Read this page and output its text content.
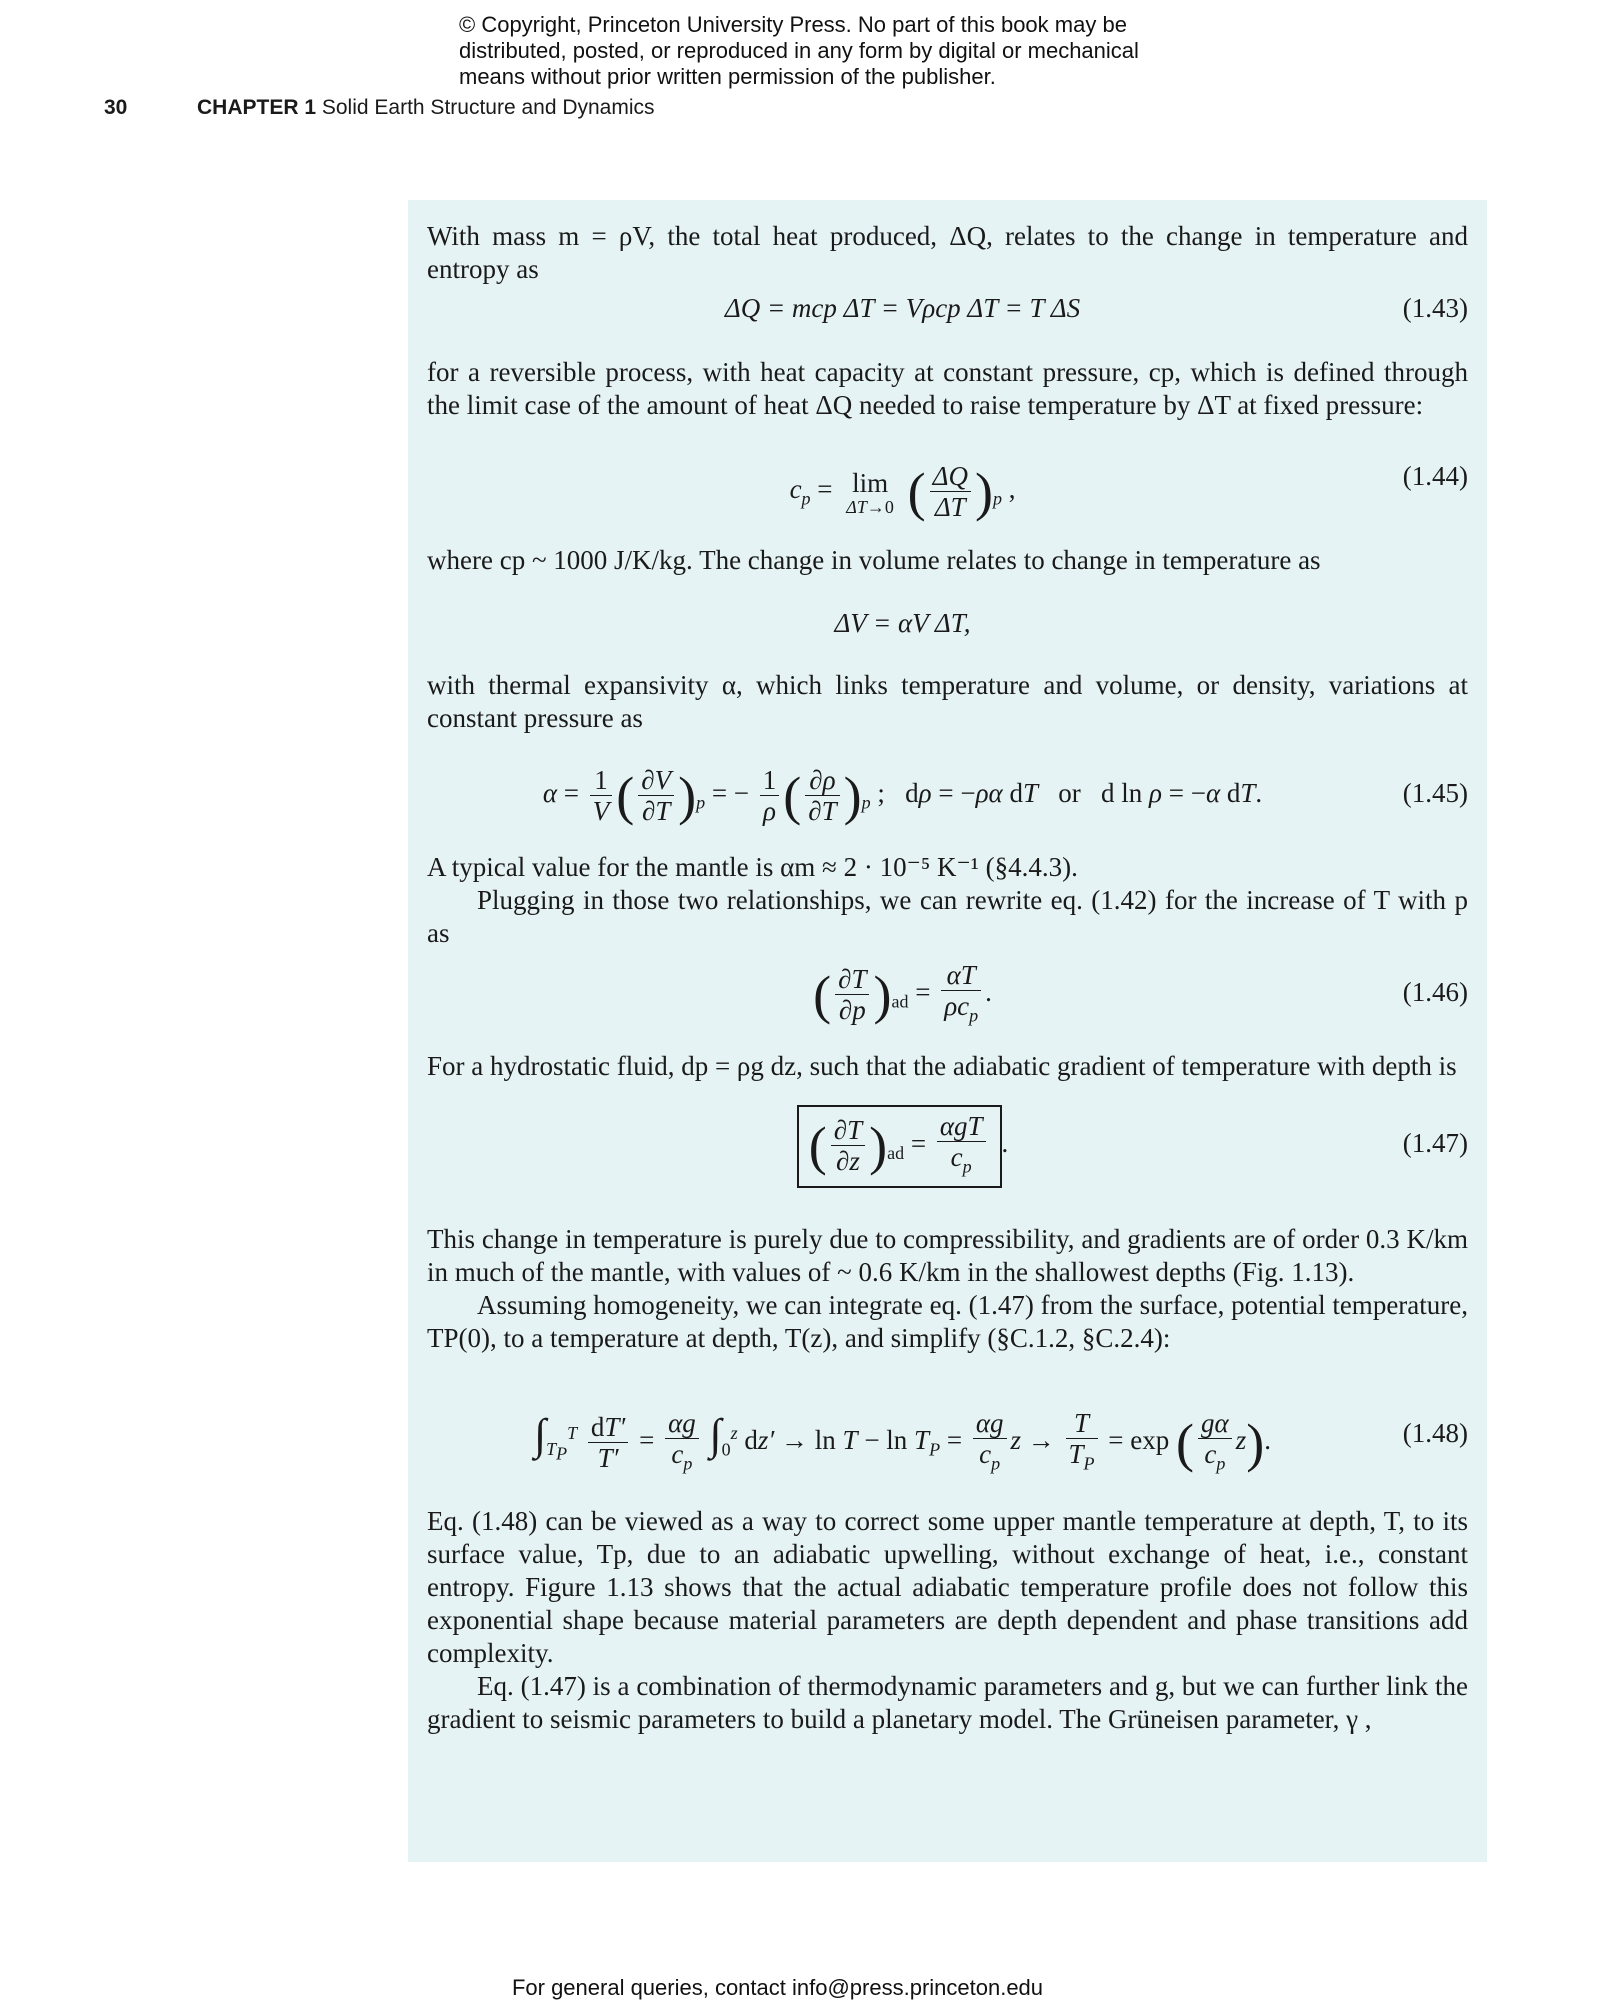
© Copyright, Princeton University Press. No part of this book may be
distributed, posted, or reproduced in any form by digital or mechanical
means without prior written permission of the publisher.
30	CHAPTER 1 Solid Earth Structure and Dynamics

With mass m = ρV, the total heat produced, ΔQ, relates to the change in temperature and entropy as

ΔQ = mcp ΔT = Vρcp ΔT = T ΔS	(1.43)

for a reversible process, with heat capacity at constant pressure, cp, which is defined through the limit case of the amount of heat ΔQ needed to raise temperature by ΔT at fixed pressure:

$c_p = \lim$
ΔT→0 ( $\frac{\Delta Q}{\Delta T} )_p$ ,	(1.44)

where cp ~ 1000 J/K/kg. The change in volume relates to change in temperature as

ΔV = αV ΔT,

with thermal expansivity α, which links temperature and volume, or density, variations at constant pressure as

$\alpha = \frac{1}{V}$ ( $\frac{\partial V}{\partial T} )_p$ = − $\frac{1}{\rho}$ ( $\frac{\partial\rho}{\partial T} )_p$ ;   dρ = −ρα dT   or   d ln ρ = −α dT.	(1.45)

A typical value for the mantle is αm ≈ 2 · 10⁻⁵ K⁻¹ (§4.4.3).

Plugging in those two relationships, we can rewrite eq. (1.42) for the increase of T with p as

( $\frac{\partial T}{\partial p} )_{ad} = \frac{\alpha T}{\rho c_p}$ .	(1.46)

For a hydrostatic fluid, dp = ρg dz, such that the adiabatic gradient of temperature with depth is

( $\frac{\partial T}{\partial z} )_{ad} = \frac{\text{αgT}}{c_p}$ .	(1.47)

This change in temperature is purely due to compressibility, and gradients are of order 0.3 K/km in much of the mantle, with values of ~ 0.6 K/km in the shallowest depths (Fig. 1.13).

Assuming homogeneity, we can integrate eq. (1.47) from the surface, potential temperature, TP(0), to a temperature at depth, T(z), and simplify (§C.1.2, §C.2.4):

$\int_{T_P}^T \frac{dT'}{T'} = \frac{\alpha g}{c_p} \int_0^z$ $dz' \to \ln T - \ln T_P = \frac{\alpha g}{c_p}$ $z \to \frac{T}{T_P} = \exp$ ( $\frac{g\alpha}{c_p} z$).	(1.48)

Eq. (1.48) can be viewed as a way to correct some upper mantle temperature at depth, T, to its surface value, Tp, due to an adiabatic upwelling, without exchange of heat, i.e., constant entropy. Figure 1.13 shows that the actual adiabatic temperature profile does not follow this exponential shape because material parameters are depth dependent and phase transitions add complexity.

Eq. (1.47) is a combination of thermodynamic parameters and g, but we can further link the gradient to seismic parameters to build a planetary model. The Grüneisen parameter, γ ,

For general queries, contact info@press.princeton.edu
